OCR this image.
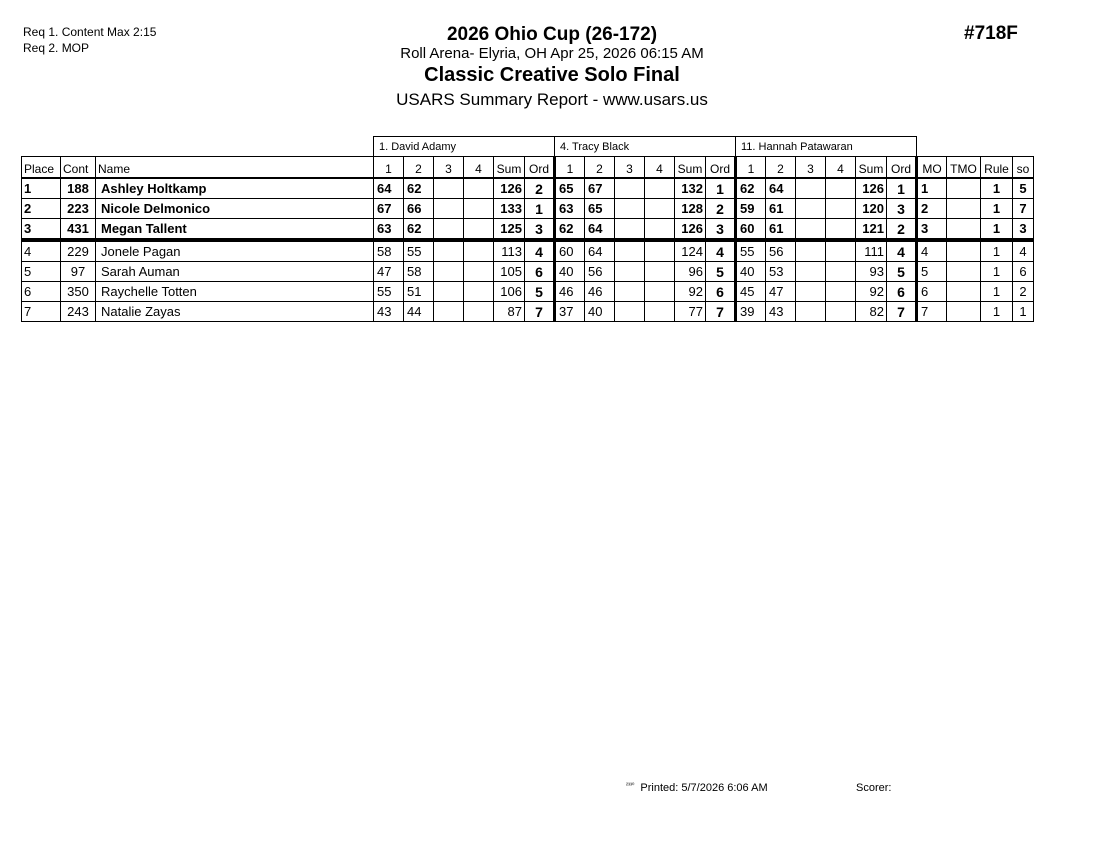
Req 1. Content Max 2:15
Req 2. MOP
2026 Ohio Cup (26-172)
Roll Arena- Elyria, OH Apr 25, 2026 06:15 AM
Classic Creative Solo Final
USARS Summary Report - www.usars.us
#718F
			1. David Adamy						4. Tracy Black						11. Hannah Patawaran									
Place	Cont	Name	1	2	3	4	Sum	Ord	1	2	3	4	Sum	Ord	1	2	3	4	Sum	Ord	MO	TMO	Rule	so
1	188	Ashley Holtkamp	64	62			126	2	65	67			132	1	62	64			126	1	1		1	5
2	223	Nicole Delmonico	67	66			133	1	63	65			128	2	59	61			120	3	2		1	7
3	431	Megan Tallent	63	62			125	3	62	64			126	3	60	61			121	2	3		1	3
4	229	Jonele Pagan	58	55			113	4	60	64			124	4	55	56			111	4	4		1	4
5	97	Sarah Auman	47	58			105	6	40	56			96	5	40	53			93	5	5		1	6
6	350	Raychelle Totten	55	51			106	5	46	46			92	6	45	47			92	6	6		1	2
7	243	Natalie Zayas	43	44			87	7	37	40			77	7	39	43			82	7	7		1	1
$^{^{2330}}$ Printed: 5/7/2026 6:06 AM	Scorer:
